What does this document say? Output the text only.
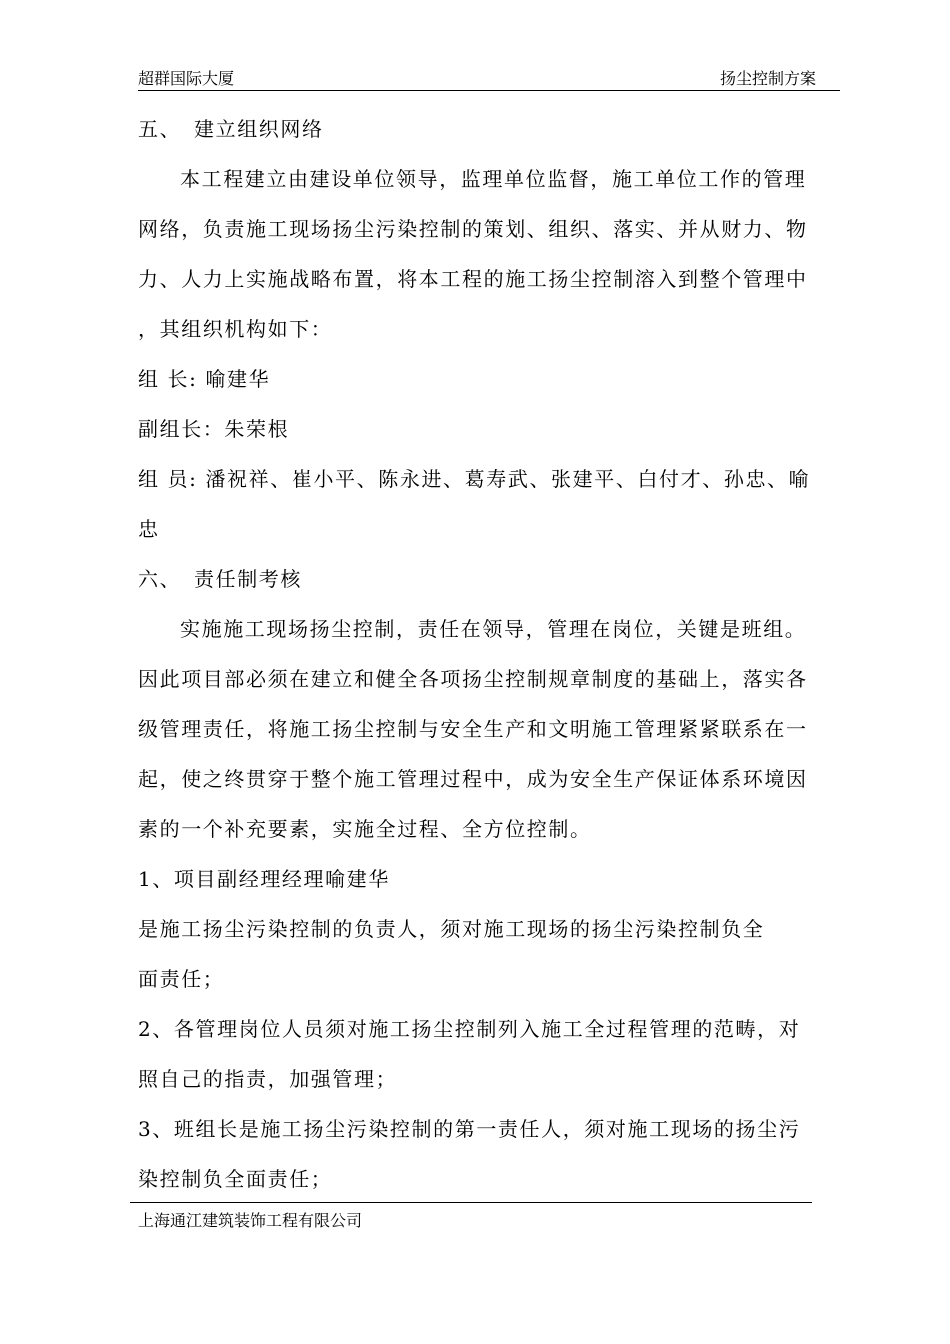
超群国际大厦	扬尘控制方案

五、 建立组织网络

本工程建立由建设单位领导，监理单位监督，施工单位工作的管理

网络，负责施工现场扬尘污染控制的策划、组织、落实、并从财力、物

力、人力上实施战略布置，将本工程的施工扬尘控制溶入到整个管理中

，其组织机构如下：

组 长: 喻建华

副组长：朱荣根

组 员: 潘祝祥、崔小平、陈永进、葛寿武、张建平、白付才、孙忠、喻

忠

六、 责任制考核

实施施工现场扬尘控制，责任在领导，管理在岗位，关键是班组。

因此项目部必须在建立和健全各项扬尘控制规章制度的基础上，落实各

级管理责任，将施工扬尘控制与安全生产和文明施工管理紧紧联系在一

起，使之终贯穿于整个施工管理过程中，成为安全生产保证体系环境因

素的一个补充要素，实施全过程、全方位控制。

1、项目副经理经理喻建华

是施工扬尘污染控制的负责人，须对施工现场的扬尘污染控制负全

面责任；

2、各管理岗位人员须对施工扬尘控制列入施工全过程管理的范畴，对

照自己的指责，加强管理；

3、班组长是施工扬尘污染控制的第一责任人，须对施工现场的扬尘污

染控制负全面责任；

上海通江建筑装饰工程有限公司
